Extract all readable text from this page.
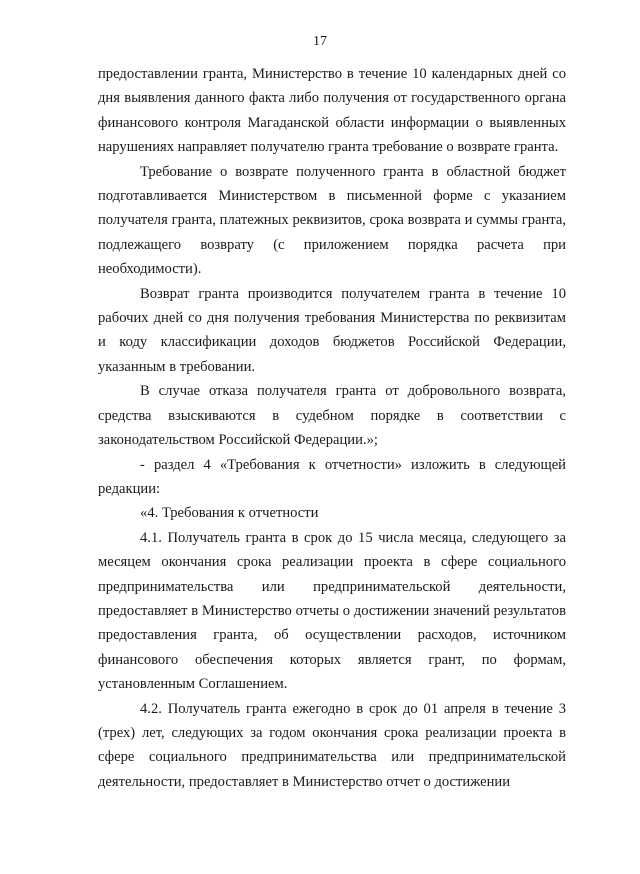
17

предоставлении гранта, Министерство в течение 10 календарных дней со дня выявления данного факта либо получения от государственного органа финансового контроля Магаданской области информации о выявленных нарушениях направляет получателю гранта требование о возврате гранта.

Требование о возврате полученного гранта в областной бюджет подготавливается Министерством в письменной форме с указанием получателя гранта, платежных реквизитов, срока возврата и суммы гранта, подлежащего возврату (с приложением порядка расчета при необходимости).

Возврат гранта производится получателем гранта в течение 10 рабочих дней со дня получения требования Министерства по реквизитам и коду классификации доходов бюджетов Российской Федерации, указанным в требовании.

В случае отказа получателя гранта от добровольного возврата, средства взыскиваются в судебном порядке в соответствии с законодательством Российской Федерации.»;

- раздел 4 «Требования к отчетности» изложить в следующей редакции:

«4. Требования к отчетности

4.1. Получатель гранта в срок до 15 числа месяца, следующего за месяцем окончания срока реализации проекта в сфере социального предпринимательства или предпринимательской деятельности, предоставляет в Министерство отчеты о достижении значений результатов предоставления гранта, об осуществлении расходов, источником финансового обеспечения которых является грант, по формам, установленным Соглашением.

4.2. Получатель гранта ежегодно в срок до 01 апреля в течение 3 (трех) лет, следующих за годом окончания срока реализации проекта в сфере социального предпринимательства или предпринимательской деятельности, предоставляет в Министерство отчет о достижении
